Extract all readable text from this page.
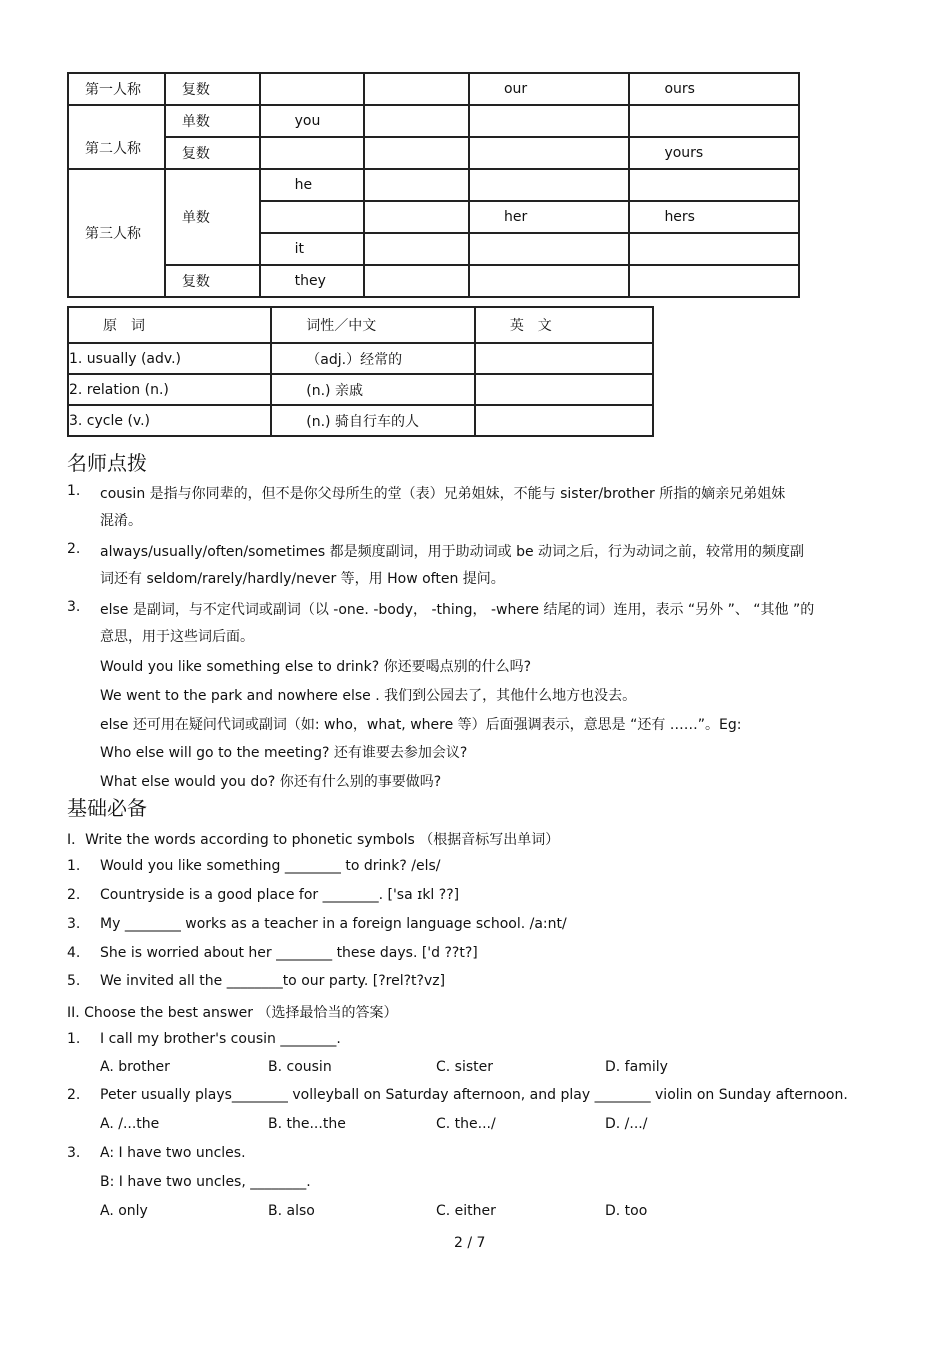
第一人称	复数			our	ours
第二人称	单数	you			
	复数				yours
第三人称	单数	he			
				her	hers
		it			
	复数	they			
原　词	词性／中文	英　文
1. usually (adv.)	（adj.）经常的	
2. relation (n.)	(n.) 亲戚	
3. cycle (v.)	(n.) 骑自行车的人	
名师点拨
1. cousin 是指与你同辈的，但不是你父母所生的堂（表）兄弟姐妹，不能与 sister/brother 所指的嫡亲兄弟姐妹
混淆。
2. always/usually/often/sometimes 都是频度副词，用于助动词或 be 动词之后，行为动词之前，较常用的频度副
词还有 seldom/rarely/hardly/never 等，用 How often 提问。
3. else 是副词，与不定代词或副词（以 -one. -body， -thing， -where 结尾的词）连用，表示 “另外 ”、 “其他 ”的
意思，用于这些词后面。
Would you like something else to drink? 你还要喝点别的什么吗?
We went to the park and nowhere else . 我们到公园去了，其他什么地方也没去。
else 还可用在疑问代词或副词（如: who，what, where 等）后面强调表示，意思是 “还有 ……”。Eg:
Who else will go to the meeting? 还有谁要去参加会议?
What else would you do? 你还有什么别的事要做吗?
基础必备
I．Write the words according to phonetic symbols （根据音标写出单词）
1. Would you like something ________ to drink? /els/
2. Countryside is a good place for ________. ['sa ɪkl ??]
3. My ________ works as a teacher in a foreign language school. /a:nt/
4. She is worried about her ________ these days. ['d ??t?]
5. We invited all the ________to our party. [?rel?t?vz]
II. Choose the best answer （选择最恰当的答案）
1. I call my brother's cousin ________.
A. brother	B. cousin	C. sister	D. family
2. Peter usually plays________ volleyball on Saturday afternoon, and play ________ violin on Sunday afternoon.
A. /...the	B. the...the	C. the.../	D. /.../
3. A: I have two uncles.
B: I have two uncles, ________.
A. only	B. also	C. either	D. too
2 / 7
